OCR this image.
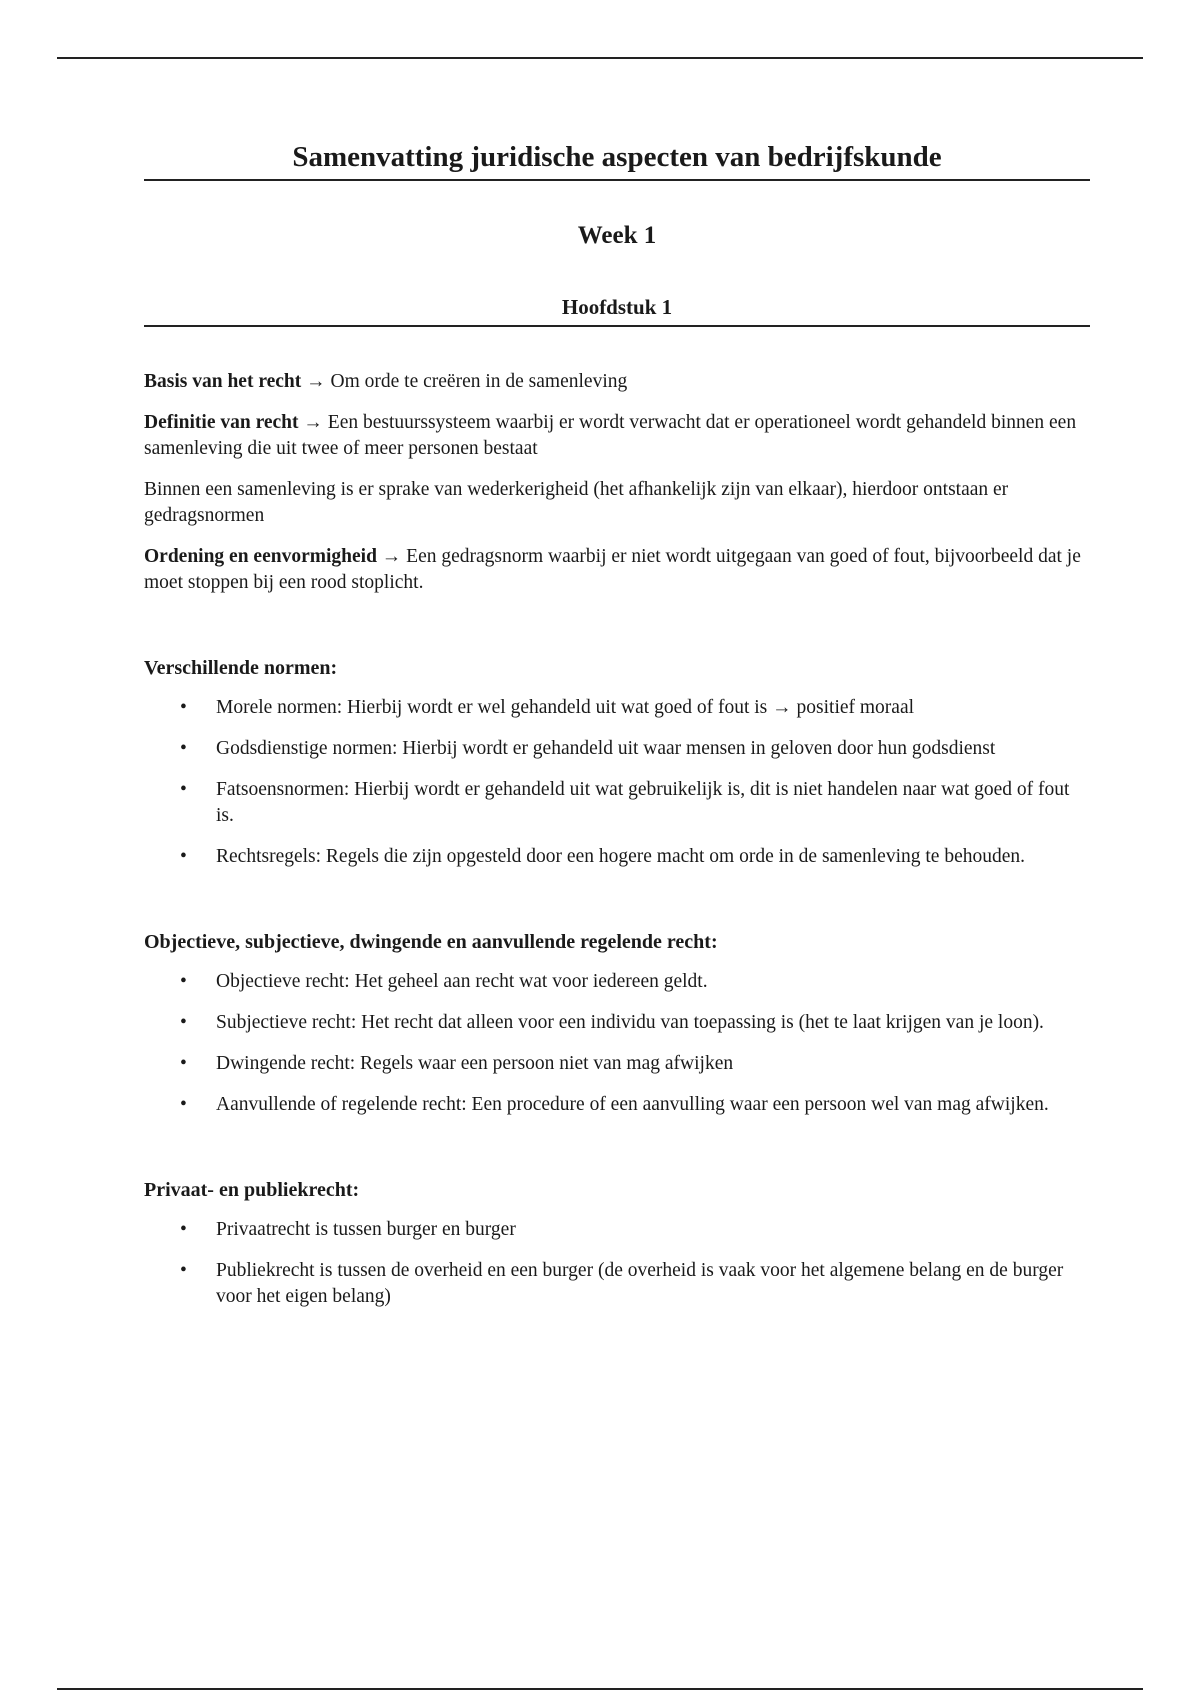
Samenvatting juridische aspecten van bedrijfskunde
Week 1
Hoofdstuk 1

Basis van het recht → Om orde te creëren in de samenleving

Definitie van recht → Een bestuurssysteem waarbij er wordt verwacht dat er operationeel wordt gehandeld binnen een samenleving die uit twee of meer personen bestaat

Binnen een samenleving is er sprake van wederkerigheid (het afhankelijk zijn van elkaar), hierdoor ontstaan er gedragsnormen

Ordening en eenvormigheid → Een gedragsnorm waarbij er niet wordt uitgegaan van goed of fout, bijvoorbeeld dat je moet stoppen bij een rood stoplicht.

Verschillende normen:
• Morele normen: Hierbij wordt er wel gehandeld uit wat goed of fout is → positief moraal
• Godsdienstige normen: Hierbij wordt er gehandeld uit waar mensen in geloven door hun godsdienst
• Fatsoensnormen: Hierbij wordt er gehandeld uit wat gebruikelijk is, dit is niet handelen naar wat goed of fout is.
• Rechtsregels: Regels die zijn opgesteld door een hogere macht om orde in de samenleving te behouden.
Objectieve, subjectieve, dwingende en aanvullende regelende recht:
• Objectieve recht: Het geheel aan recht wat voor iedereen geldt.
• Subjectieve recht: Het recht dat alleen voor een individu van toepassing is (het te laat krijgen van je loon).
• Dwingende recht: Regels waar een persoon niet van mag afwijken
• Aanvullende of regelende recht: Een procedure of een aanvulling waar een persoon wel van mag afwijken.
Privaat- en publiekrecht:
• Privaatrecht is tussen burger en burger
• Publiekrecht is tussen de overheid en een burger (de overheid is vaak voor het algemene belang en de burger voor het eigen belang)
